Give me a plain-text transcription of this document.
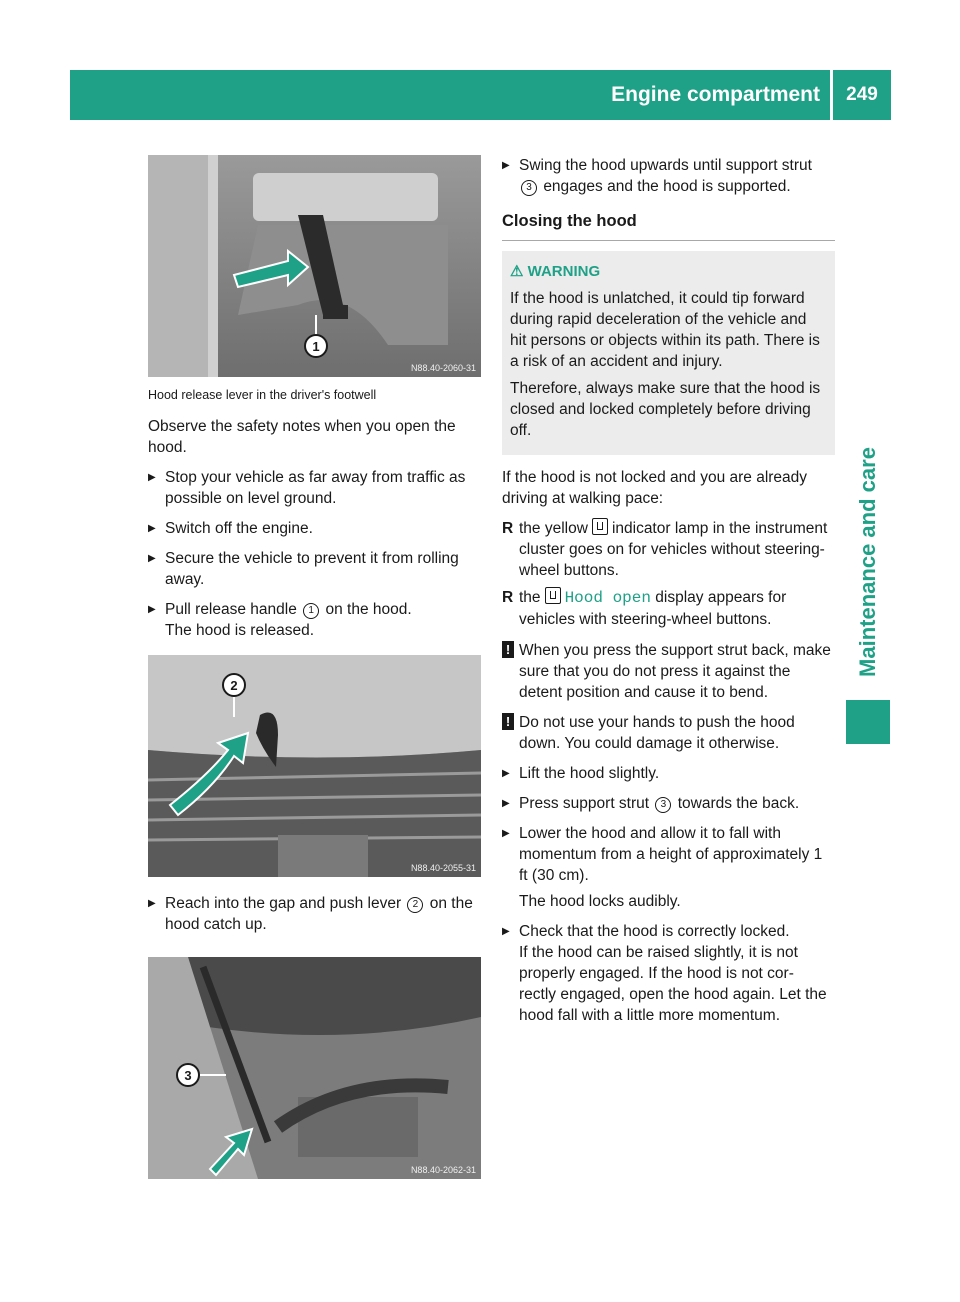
Engine compartment	249
Maintenance and care
1
N88.40-2060-31
Hood release lever in the driver's footwell

Observe the safety notes when you open the hood.

▶ Stop your vehicle as far away from traffic as possible on level ground.
▶ Switch off the engine.
▶ Secure the vehicle to prevent it from rolling away.
▶ Pull release handle 1 on the hood.
The hood is released.
2
N88.40-2055-31
▶ Reach into the gap and push lever 2 on the hood catch up.
3
N88.40-2062-31
▶ Swing the hood upwards until support strut 3 engages and the hood is supported.
Closing the hood
⚠ WARNING

If the hood is unlatched, it could tip forward during rapid deceleration of the vehicle and hit persons or objects within its path. There is a risk of an accident and injury.

Therefore, always make sure that the hood is closed and locked completely before driving off.

If the hood is not locked and you are already driving at walking pace:

R the yellow indicator lamp in the instrument cluster goes on for vehicles without steering-wheel buttons.
R the Hood open display appears for vehicles with steering-wheel buttons.
! When you press the support strut back, make sure that you do not press it against the detent position and cause it to bend.
! Do not use your hands to push the hood down. You could damage it otherwise.
▶ Lift the hood slightly.
▶ Press support strut 3 towards the back.
▶ Lower the hood and allow it to fall with momentum from a height of approximately 1 ft (30 cm).
The hood locks audibly.
▶ Check that the hood is correctly locked.
If the hood can be raised slightly, it is not properly engaged. If the hood is not cor- rectly engaged, open the hood again. Let the hood fall with a little more momentum.
